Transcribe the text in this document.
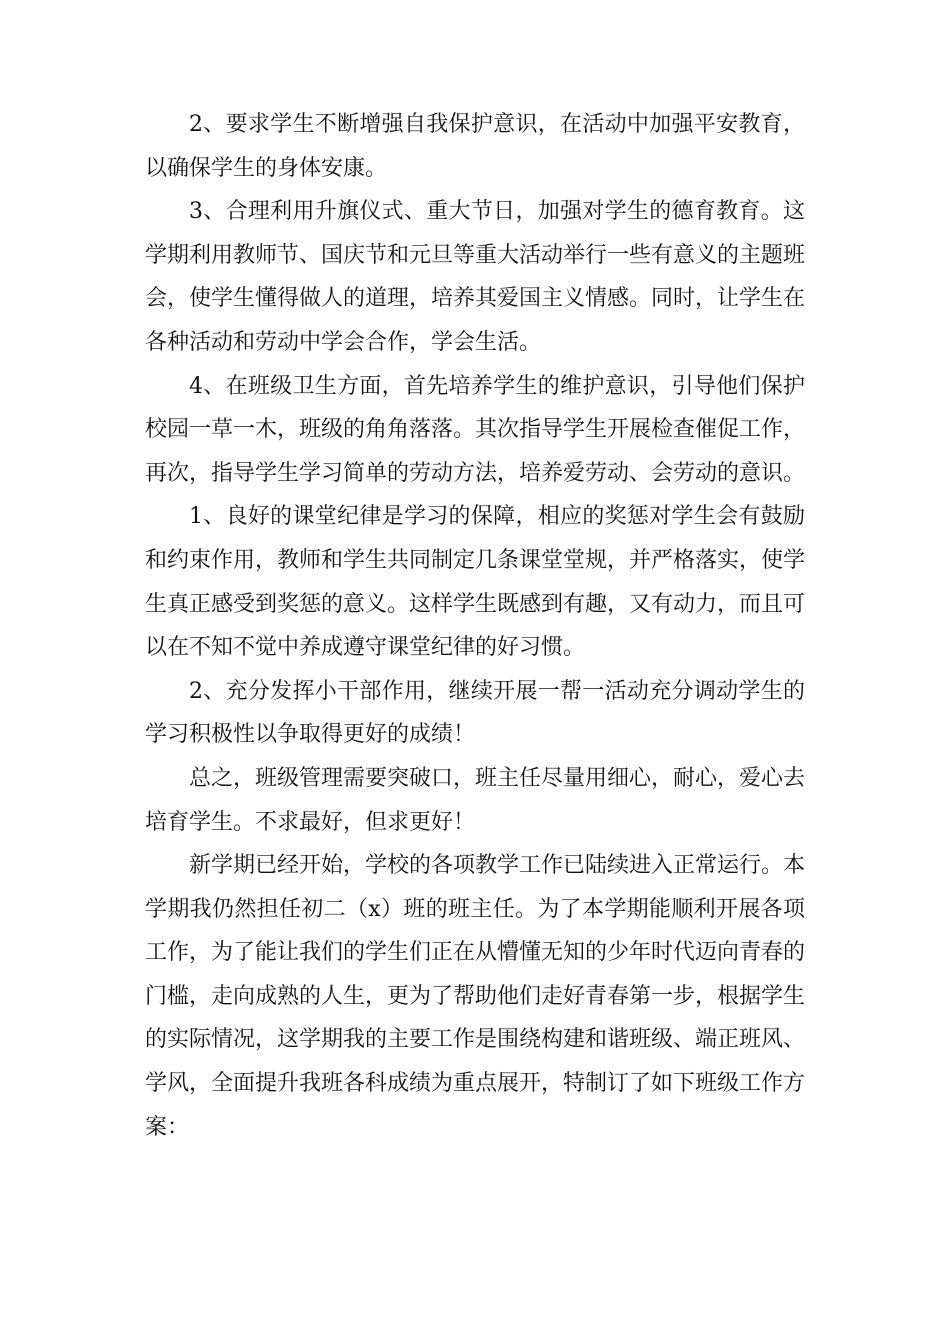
2、要求学生不断增强自我保护意识，在活动中加强平安教育，以确保学生的身体安康。

3、合理利用升旗仪式、重大节日，加强对学生的德育教育。这学期利用教师节、国庆节和元旦等重大活动举行一些有意义的主题班会，使学生懂得做人的道理，培养其爱国主义情感。同时，让学生在各种活动和劳动中学会合作，学会生活。

4、在班级卫生方面，首先培养学生的维护意识，引导他们保护校园一草一木，班级的角角落落。其次指导学生开展检查催促工作，再次，指导学生学习简单的劳动方法，培养爱劳动、会劳动的意识。

1、良好的课堂纪律是学习的保障，相应的奖惩对学生会有鼓励和约束作用，教师和学生共同制定几条课堂堂规，并严格落实，使学生真正感受到奖惩的意义。这样学生既感到有趣，又有动力，而且可以在不知不觉中养成遵守课堂纪律的好习惯。

2、充分发挥小干部作用，继续开展一帮一活动充分调动学生的学习积极性以争取得更好的成绩！

总之，班级管理需要突破口，班主任尽量用细心，耐心，爱心去培育学生。不求最好，但求更好！

新学期已经开始，学校的各项教学工作已陆续进入正常运行。本学期我仍然担任初二（x）班的班主任。为了本学期能顺利开展各项工作，为了能让我们的学生们正在从懵懂无知的少年时代迈向青春的门槛，走向成熟的人生，更为了帮助他们走好青春第一步，根据学生的实际情况，这学期我的主要工作是围绕构建和谐班级、端正班风、学风，全面提升我班各科成绩为重点展开，特制订了如下班级工作方案：
